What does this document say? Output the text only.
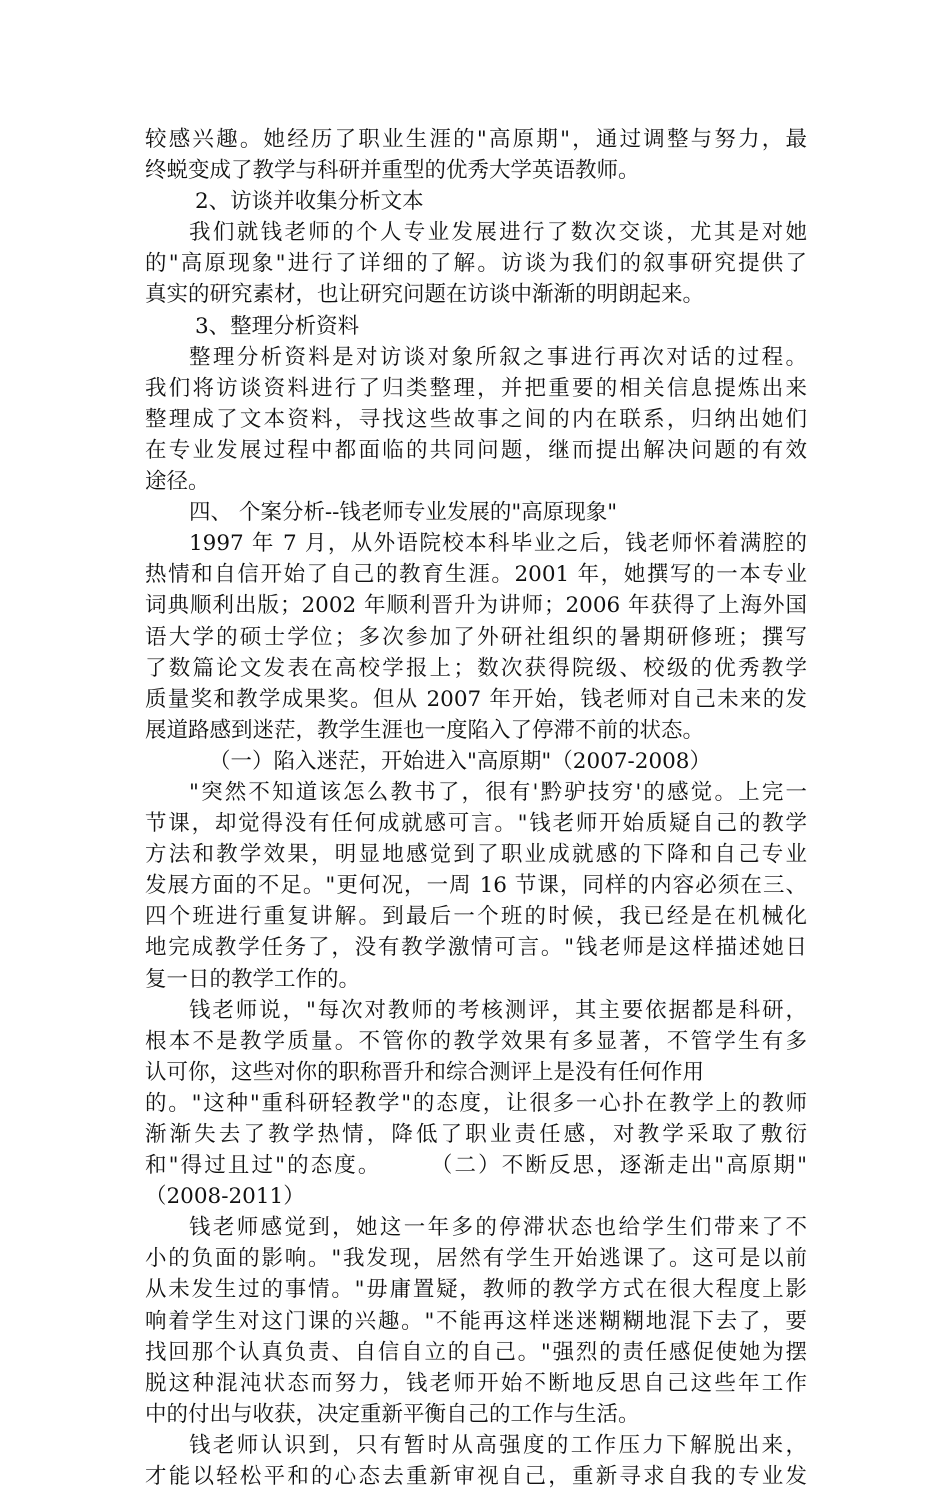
较感兴趣。她经历了职业生涯的"高原期"，通过调整与努力，最
终蜕变成了教学与科研并重型的优秀大学英语教师。
2、访谈并收集分析文本
我们就钱老师的个人专业发展进行了数次交谈，尤其是对她
的"高原现象"进行了详细的了解。访谈为我们的叙事研究提供了
真实的研究素材，也让研究问题在访谈中渐渐的明朗起来。
3、整理分析资料
整理分析资料是对访谈对象所叙之事进行再次对话的过程。
我们将访谈资料进行了归类整理，并把重要的相关信息提炼出来
整理成了文本资料，寻找这些故事之间的内在联系，归纳出她们
在专业发展过程中都面临的共同问题，继而提出解决问题的有效
途径。
四、 个案分析--钱老师专业发展的"高原现象"
1997 年 7 月，从外语院校本科毕业之后，钱老师怀着满腔的
热情和自信开始了自己的教育生涯。2001 年，她撰写的一本专业
词典顺利出版；2002 年顺利晋升为讲师；2006 年获得了上海外国
语大学的硕士学位；多次参加了外研社组织的暑期研修班；撰写
了数篇论文发表在高校学报上；数次获得院级、校级的优秀教学
质量奖和教学成果奖。但从 2007 年开始，钱老师对自己未来的发
展道路感到迷茫，教学生涯也一度陷入了停滞不前的状态。
（一）陷入迷茫，开始进入"高原期"（2007-2008）
"突然不知道该怎么教书了，很有'黔驴技穷'的感觉。上完一
节课，却觉得没有任何成就感可言。"钱老师开始质疑自己的教学
方法和教学效果，明显地感觉到了职业成就感的下降和自己专业
发展方面的不足。"更何况，一周 16 节课，同样的内容必须在三、
四个班进行重复讲解。到最后一个班的时候，我已经是在机械化
地完成教学任务了，没有教学激情可言。"钱老师是这样描述她日
复一日的教学工作的。
钱老师说，"每次对教师的考核测评，其主要依据都是科研，
根本不是教学质量。不管你的教学效果有多显著，不管学生有多
认可你，这些对你的职称晋升和综合测评上是没有任何作用
的。"这种"重科研轻教学"的态度，让很多一心扑在教学上的教师
渐渐失去了教学热情，降低了职业责任感，对教学采取了敷衍
和"得过且过"的态度。　　　（二）不断反思，逐渐走出"高原期"
（2008-2011）
钱老师感觉到，她这一年多的停滞状态也给学生们带来了不
小的负面的影响。"我发现，居然有学生开始逃课了。这可是以前
从未发生过的事情。"毋庸置疑，教师的教学方式在很大程度上影
响着学生对这门课的兴趣。"不能再这样迷迷糊糊地混下去了，要
找回那个认真负责、自信自立的自己。"强烈的责任感促使她为摆
脱这种混沌状态而努力，钱老师开始不断地反思自己这些年工作
中的付出与收获，决定重新平衡自己的工作与生活。
钱老师认识到，只有暂时从高强度的工作压力下解脱出来，
才能以轻松平和的心态去重新审视自己，重新寻求自我的专业发
